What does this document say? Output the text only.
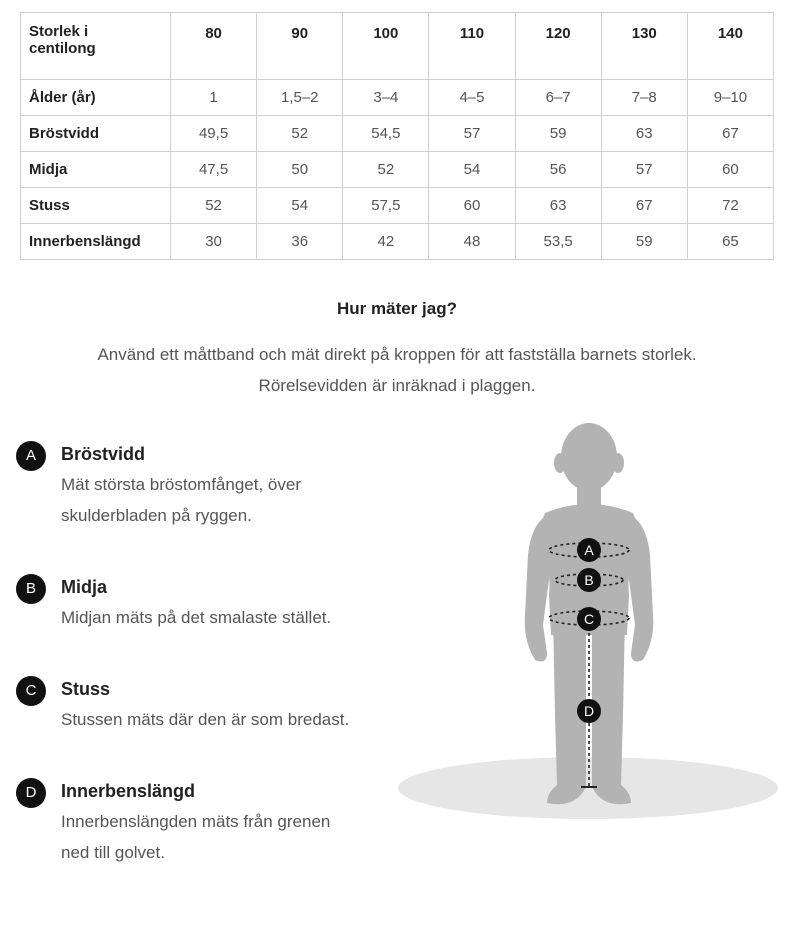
Storlek i
centilong	80	90	100	110	120	130	140
Ålder (år)	1	1,5–2	3–4	4–5	6–7	7–8	9–10
Bröstvidd	49,5	52	54,5	57	59	63	67
Midja	47,5	50	52	54	56	57	60
Stuss	52	54	57,5	60	63	67	72
Innerbenslängd	30	36	42	48	53,5	59	65
Hur mäter jag?
Använd ett måttband och mät direkt på kroppen för att fastställa barnets storlek.
Rörelsevidden är inräknad i plaggen.
A	Bröstvidd
Mät största bröstomfånget, över
skulderbladen på ryggen.
B	Midja
Midjan mäts på det smalaste stället.
C	Stuss
Stussen mäts där den är som bredast.
D	Innerbenslängd
Innerbenslängden mäts från grenen
ned till golvet.
A
B
C
D
